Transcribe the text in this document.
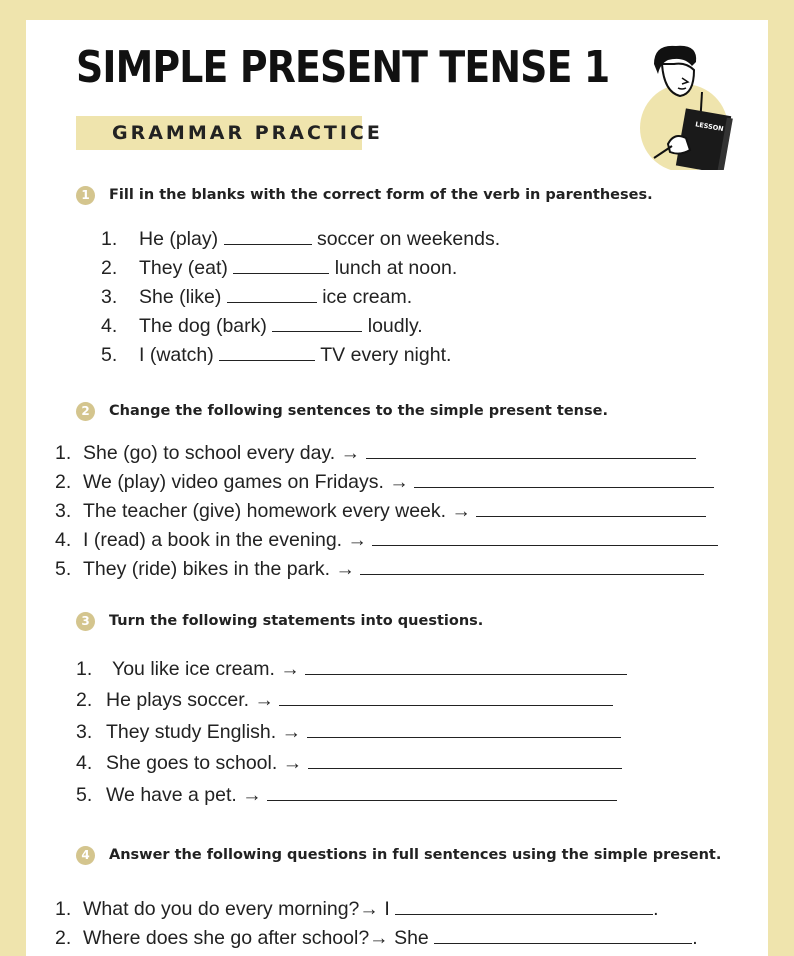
SIMPLE PRESENT TENSE 1
GRAMMAR PRACTICE	LESSON
1	Fill in the blanks with the correct form of the verb in parentheses.
1. He (play)	soccer on weekends.
2. They (eat)	lunch at noon.
3. She (like)	ice cream.
4. The dog (bark)	loudly.
5. I (watch)	TV every night.
2	Change the following sentences to the simple present tense.
1. She (go) to school every day. →
2. We (play) video games on Fridays. →
3. The teacher (give) homework every week. →
4. I (read) a book in the evening. →
5. They (ride) bikes in the park. →
3	Turn the following statements into questions.
1. You like ice cream. →
2. He plays soccer. →
3. They study English. →
4. She goes to school. →
5. We have a pet. →
4	Answer the following questions in full sentences using the simple present.
1. What do you do every morning?→ I	.
2. Where does she go after school?→ She	.
